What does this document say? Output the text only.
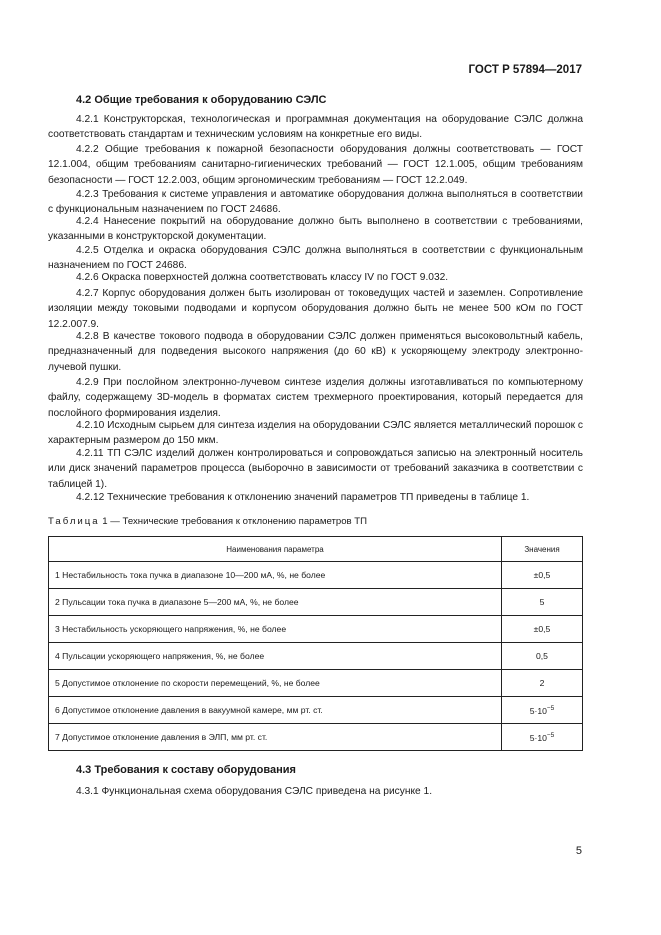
ГОСТ Р 57894—2017
4.2 Общие требования к оборудованию СЭЛС

4.2.1 Конструкторская, технологическая и программная документация на оборудование СЭЛС должна соответствовать стандартам и техническим условиям на конкретные его виды.

4.2.2 Общие требования к пожарной безопасности оборудования должны соответствовать — ГОСТ 12.1.004, общим требованиям санитарно-гигиенических требований — ГОСТ 12.1.005, общим требованиям безопасности — ГОСТ 12.2.003, общим эргономическим требованиям — ГОСТ 12.2.049.

4.2.3 Требования к системе управления и автоматике оборудования должна выполняться в соответствии с функциональным назначением по ГОСТ 24686.

4.2.4 Нанесение покрытий на оборудование должно быть выполнено в соответствии с требованиями, указанными в конструкторской документации.

4.2.5 Отделка и окраска оборудования СЭЛС должна выполняться в соответствии с функциональным назначением по ГОСТ 24686.

4.2.6 Окраска поверхностей должна соответствовать классу IV по ГОСТ 9.032.

4.2.7 Корпус оборудования должен быть изолирован от токоведущих частей и заземлен. Сопротивление изоляции между токовыми подводами и корпусом оборудования должно быть не менее 500 кОм по ГОСТ 12.2.007.9.

4.2.8 В качестве токового подвода в оборудовании СЭЛС должен применяться высоковольтный кабель, предназначенный для подведения высокого напряжения (до 60 кВ) к ускоряющему электроду электронно-лучевой пушки.

4.2.9 При послойном электронно-лучевом синтезе изделия должны изготавливаться по компьютерному файлу, содержащему 3D-модель в форматах систем трехмерного проектирования, который передается для послойного формирования изделия.

4.2.10 Исходным сырьем для синтеза изделия на оборудовании СЭЛС является металлический порошок с характерным размером до 150 мкм.

4.2.11 ТП СЭЛС изделий должен контролироваться и сопровождаться записью на электронный носитель или диск значений параметров процесса (выборочно в зависимости от требований заказчика в соответствии с таблицей 1).

4.2.12 Технические требования к отклонению значений параметров ТП приведены в таблице 1.

Таблица 1 — Технические требования к отклонению параметров ТП
Наименования параметра	Значения
1 Нестабильность тока пучка в диапазоне 10—200 мА, %, не более	±0,5
2 Пульсации тока пучка в диапазоне 5—200 мА, %, не более	5
3 Нестабильность ускоряющего напряжения, %, не более	±0,5
4 Пульсации ускоряющего напряжения, %, не более	0,5
5 Допустимое отклонение по скорости перемещений, %, не более	2
6 Допустимое отклонение давления в вакуумной камере, мм рт. ст.	$5\cdot 10^{-5}$
7 Допустимое отклонение давления в ЭЛП, мм рт. ст.	$5\cdot 10^{-5}$
4.3 Требования к составу оборудования

4.3.1 Функциональная схема оборудования СЭЛС приведена на рисунке 1.

5
